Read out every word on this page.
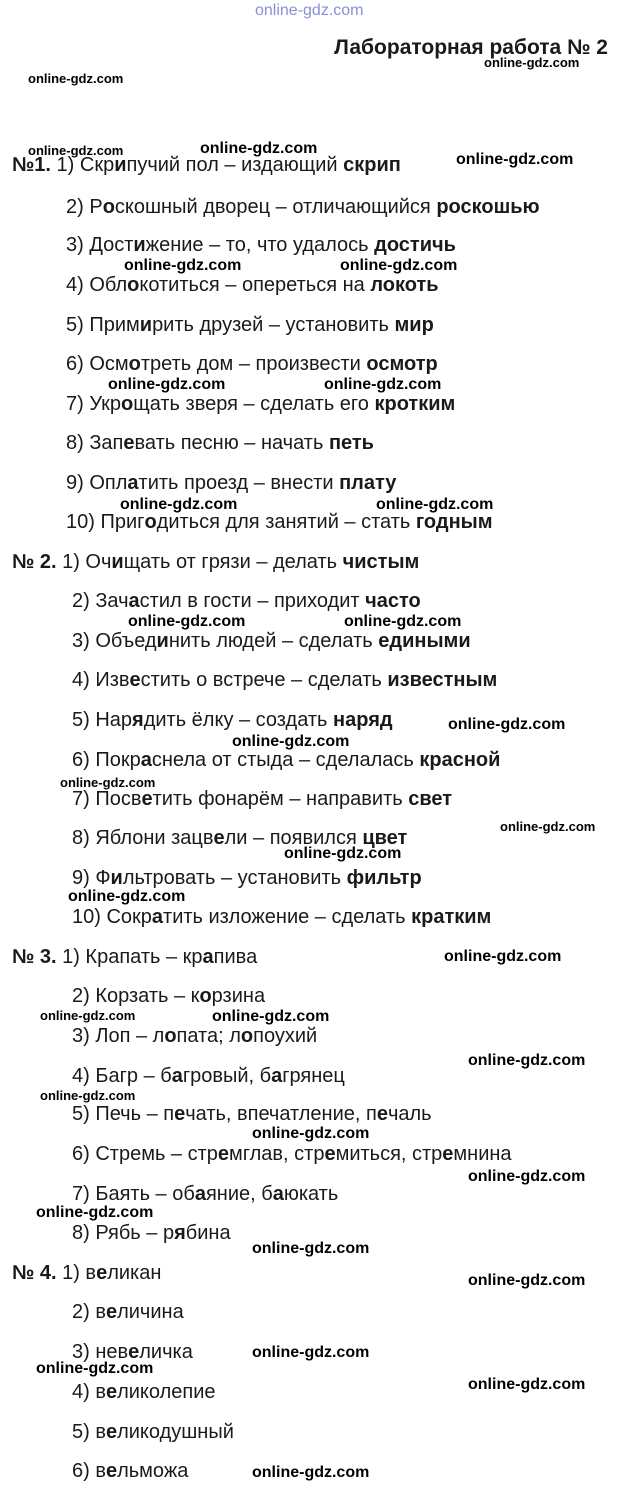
online-gdz.com
Лабораторная работа № 2
online-gdz.com
online-gdz.com
online-gdz.com	online-gdz.com
online-gdz.com
online-gdz.com	online-gdz.com
online-gdz.com	online-gdz.com
online-gdz.com	online-gdz.com
online-gdz.com	online-gdz.com
online-gdz.com
online-gdz.com
online-gdz.com
online-gdz.com
online-gdz.com
online-gdz.com
online-gdz.com
online-gdz.com	online-gdz.com
online-gdz.com
online-gdz.com
online-gdz.com
online-gdz.com
online-gdz.com
online-gdz.com
online-gdz.com
online-gdz.com
online-gdz.com
online-gdz.com
online-gdz.com
№1. 1) Скрипучий пол – издающий скрип
2) Роскошный дворец – отличающийся роскошью
3) Достижение – то, что удалось достичь
4) Облокотиться – опереться на локоть
5) Примирить друзей – установить мир
6) Осмотреть дом – произвести осмотр
7) Укрощать зверя – сделать его кротким
8) Запевать песню – начать петь
9) Оплатить проезд – внести плату
10) Пригодиться для занятий – стать годным
№ 2. 1) Очищать от грязи – делать чистым
2) Зачастил в гости – приходит часто
3) Объединить людей – сделать едиными
4) Известить о встрече – сделать известным
5) Нарядить ёлку – создать наряд
6) Покраснела от стыда – сделалась красной
7) Посветить фонарём – направить свет
8) Яблони зацвели – появился цвет
9) Фильтровать – установить фильтр
10) Сократить изложение – сделать кратким
№ 3. 1) Крапать – крапива
2) Корзать – корзина
3) Лоп – лопата; лопоухий
4) Багр – багровый, багрянец
5) Печь – печать, впечатление, печаль
6) Стремь – стремглав, стремиться, стремнина
7) Баять – обаяние, баюкать
8) Рябь – рябина
№ 4. 1) великан
2) величина
3) невеличка
4) великолепие
5) великодушный
6) вельможа
